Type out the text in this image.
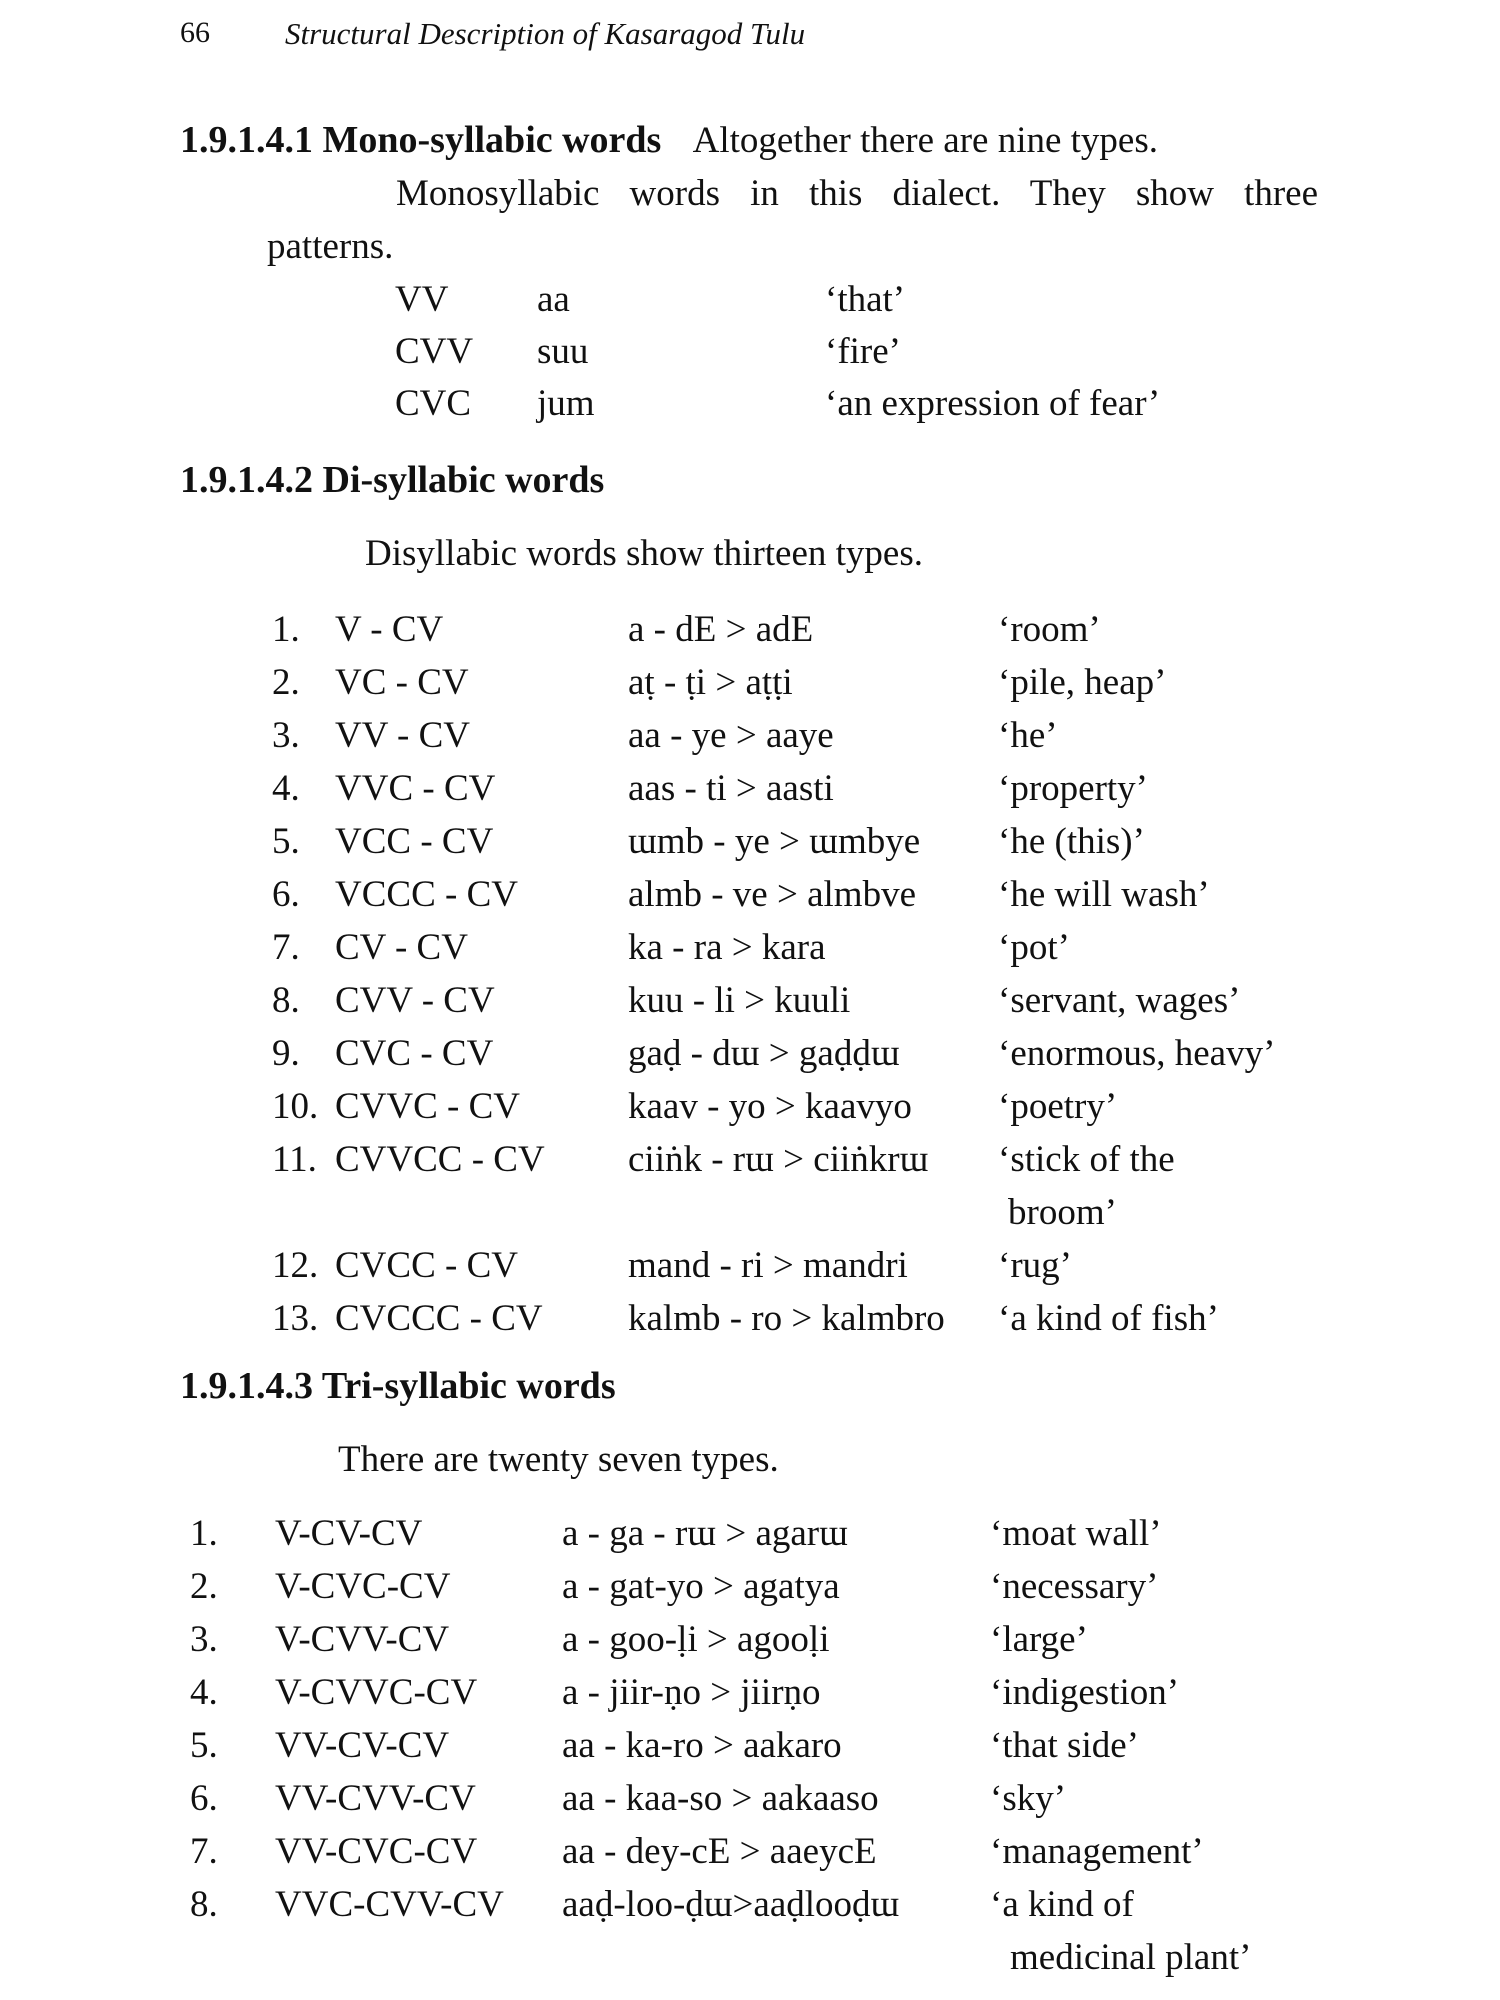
66 Structural Description of Kasaragod Tulu
1.9.1.4.1 Mono-syllabic words Altogether there are nine types.
Monosyllabic words in this dialect. They show three
patterns.
VV aa	‘that’
CVV suu	‘fire’
CVC jum	‘an expression of fear’
1.9.1.4.2 Di-syllabic words
Disyllabic words show thirteen types.
1. V - CV	a - dE > adE	‘room’
2. VC - CV	aṭ - ṭi > aṭṭi	‘pile, heap’
3. VV - CV	aa - ye > aaye	‘he’
4. VVC - CV	aas - ti > aasti	‘property’
5. VCC - CV	ɯmb - ye > ɯmbye ‘he (this)’
6. VCCC - CV	almb - ve > almbve ‘he will wash’
7. CV - CV	ka - ra > kara	‘pot’
8. CVV - CV	kuu - li > kuuli	‘servant, wages’
9. CVC - CV	gaḍ - dɯ > gaḍḍɯ	‘enormous, heavy’
10. CVVC - CV	kaav - yo > kaavyo ‘poetry’
11. CVVCC - CV ciiṅk - rɯ > ciiṅkrɯ ‘stick of the
broom’
12. CVCC - CV	mand - ri > mandri ‘rug’
13. CVCCC - CV kalmb - ro > kalmbro ‘a kind of fish’
1.9.1.4.3 Tri-syllabic words
There are twenty seven types.
1. V-CV-CV	a - ga - rɯ > agarɯ	‘moat wall’
2. V-CVC-CV	a - gat-yo > agatya	‘necessary’
3. V-CVV-CV	a - goo-ḷi > agooḷi	‘large’
4. V-CVVC-CV a - jiir-ṇo > jiirṇo	‘indigestion’
5. VV-CV-CV	aa - ka-ro > aakaro	‘that side’
6. VV-CVV-CV aa - kaa-so > aakaaso	‘sky’
7. VV-CVC-CV aa - dey-cE > aaeycE	‘management’
8. VVC-CVV-CV aaḍ-loo-ḍɯ>aaḍlooḍɯ ‘a kind of
medicinal plant’
